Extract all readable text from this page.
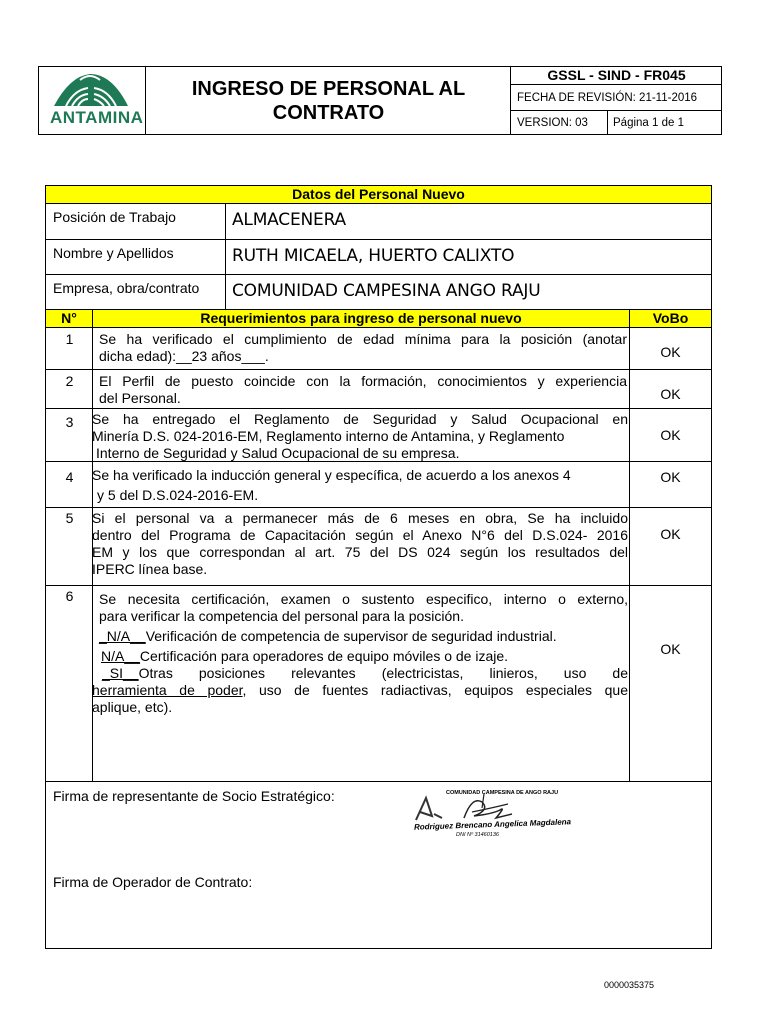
ANTAMINA
INGRESO DE PERSONAL AL
CONTRATO
GSSL - SIND - FR045
FECHA DE REVISIÓN: 21-11-2016
VERSION: 03	Página 1 de 1
Datos del Personal Nuevo
Posición de Trabajo	ALMACENERA
Nombre y Apellidos	RUTH MICAELA, HUERTO CALIXTO
Empresa, obra/contrato	COMUNIDAD CAMPESINA ANGO RAJU
N°	Requerimientos para ingreso de personal nuevo	VoBo
1	Se ha verificado el cumplimiento de edad mínima para la posición (anotar
dicha edad):__23 años___.	OK
2	El Perfil de puesto coincide con la formación, conocimientos y experiencia
del Personal.	OK
3	Se ha entregado el Reglamento de Seguridad y Salud Ocupacional en
Minería D.S. 024-2016-EM, Reglamento interno de Antamina, y Reglamento
Interno de Seguridad y Salud Ocupacional de su empresa.
OK
4	Se ha verificado la inducción general y específica, de acuerdo a los anexos 4
y 5 del D.S.024-2016-EM.
OK
5	Si el personal va a permanecer más de 6 meses en obra, Se ha incluido
dentro del Programa de Capacitación según el Anexo N°6 del D.S.024- 2016
EM y los que correspondan al art. 75 del DS 024 según los resultados del
IPERC línea base.
OK
6	Se necesita certificación, examen o sustento especifico, interno o externo,
para verificar la competencia del personal para la posición.
_N/A__Verificación de competencia de supervisor de seguridad industrial.
N/A__Certificación para operadores de equipo móviles o de izaje.
_SI__Otras posiciones relevantes (electricistas, linieros, uso de
herramienta de poder, uso de fuentes radiactivas, equipos especiales que
aplique, etc).
OK
Firma de representante de Socio Estratégico:	COMUNIDAD CAMPESINA DE ANGO RAJU
Rodriguez Brencano Angelica Magdalena
DNI Nº 31460136
Firma de Operador de Contrato:
0000035375
